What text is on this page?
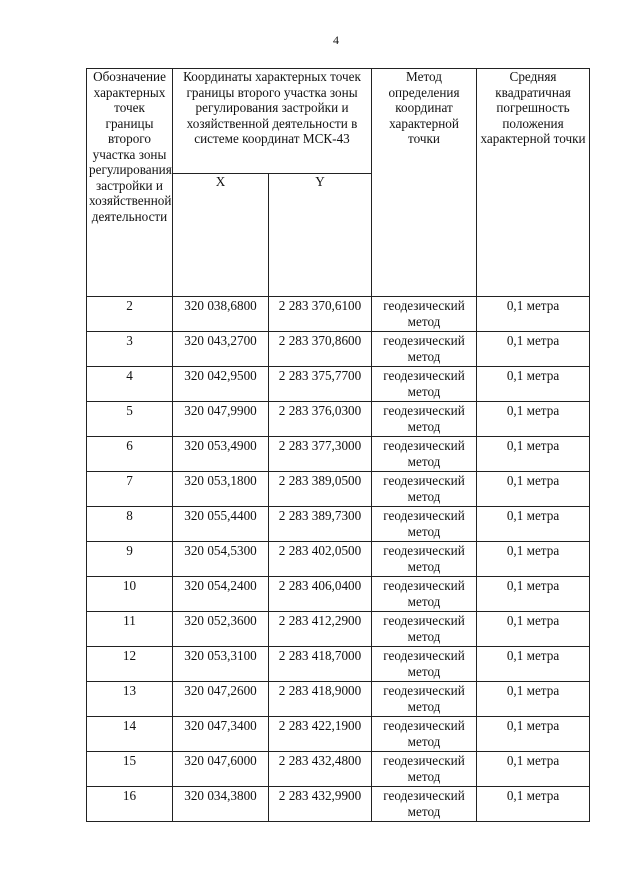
4
Обозначение характерных точек границы второго участка зоны регулирования застройки и хозяйственной деятельности	Координаты характерных точек границы второго участка зоны регулирования застройки и хозяйственной деятельности в системе координат МСК-43		Метод определения координат характерной точки	Средняя квадратичная погрешность положения характерной точки
	X	Y		
2	320 038,6800	2 283 370,6100	геодезический метод	0,1 метра
3	320 043,2700	2 283 370,8600	геодезический метод	0,1 метра
4	320 042,9500	2 283 375,7700	геодезический метод	0,1 метра
5	320 047,9900	2 283 376,0300	геодезический метод	0,1 метра
6	320 053,4900	2 283 377,3000	геодезический метод	0,1 метра
7	320 053,1800	2 283 389,0500	геодезический метод	0,1 метра
8	320 055,4400	2 283 389,7300	геодезический метод	0,1 метра
9	320 054,5300	2 283 402,0500	геодезический метод	0,1 метра
10	320 054,2400	2 283 406,0400	геодезический метод	0,1 метра
11	320 052,3600	2 283 412,2900	геодезический метод	0,1 метра
12	320 053,3100	2 283 418,7000	геодезический метод	0,1 метра
13	320 047,2600	2 283 418,9000	геодезический метод	0,1 метра
14	320 047,3400	2 283 422,1900	геодезический метод	0,1 метра
15	320 047,6000	2 283 432,4800	геодезический метод	0,1 метра
16	320 034,3800	2 283 432,9900	геодезический метод	0,1 метра
